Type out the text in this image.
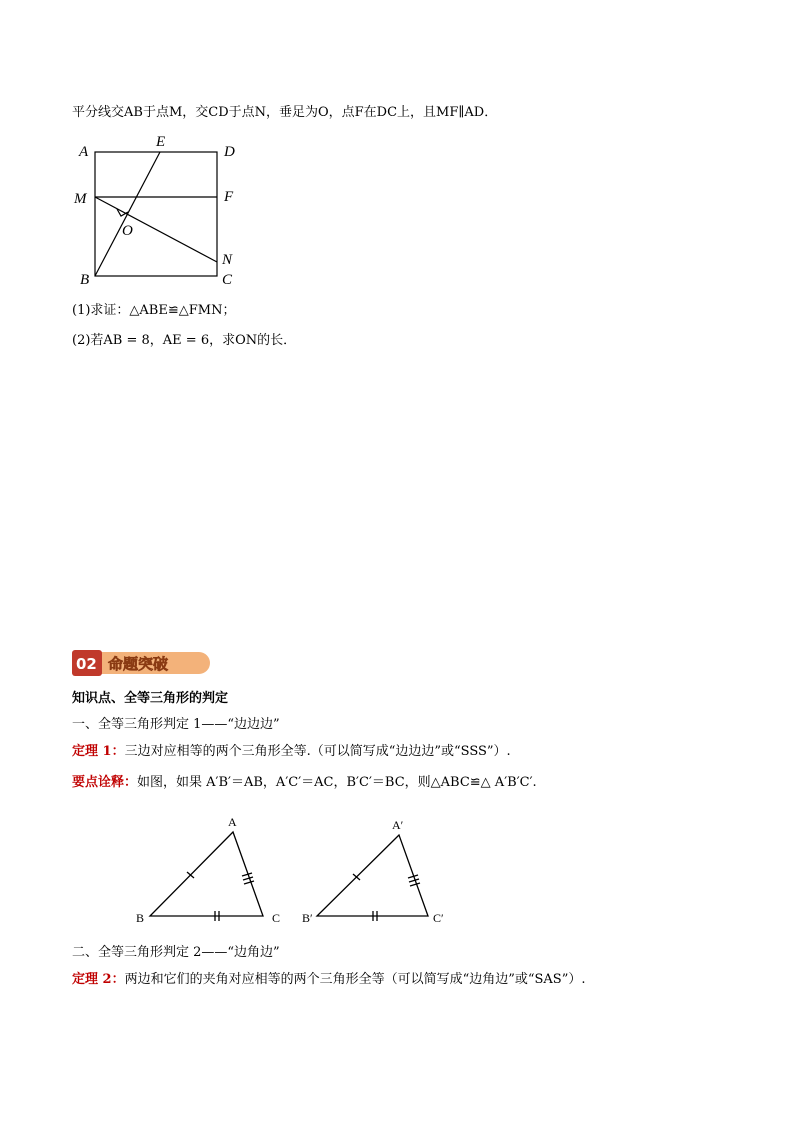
平分线交AB于点M，交CD于点N，垂足为O，点F在DC上，且MF∥AD．
A
E
D
M	F
O
B
N
C
(1)求证：△ABE≌△FMN；
(2)若AB = 8，AE = 6，求ON的长．
02 命题突破
知识点、全等三角形的判定
一、全等三角形判定 1——“边边边”
定理 1：三边对应相等的两个三角形全等.（可以简写成“边边边”或“SSS”）.
要点诠释：如图，如果 A′B′＝AB，A′C′＝AC，B′C′＝BC，则△ABC≌△ A′B′C′.
A
B	C
A′
B′	C′
二、全等三角形判定 2——“边角边”
定理 2：两边和它们的夹角对应相等的两个三角形全等（可以简写成“边角边”或“SAS”）.
